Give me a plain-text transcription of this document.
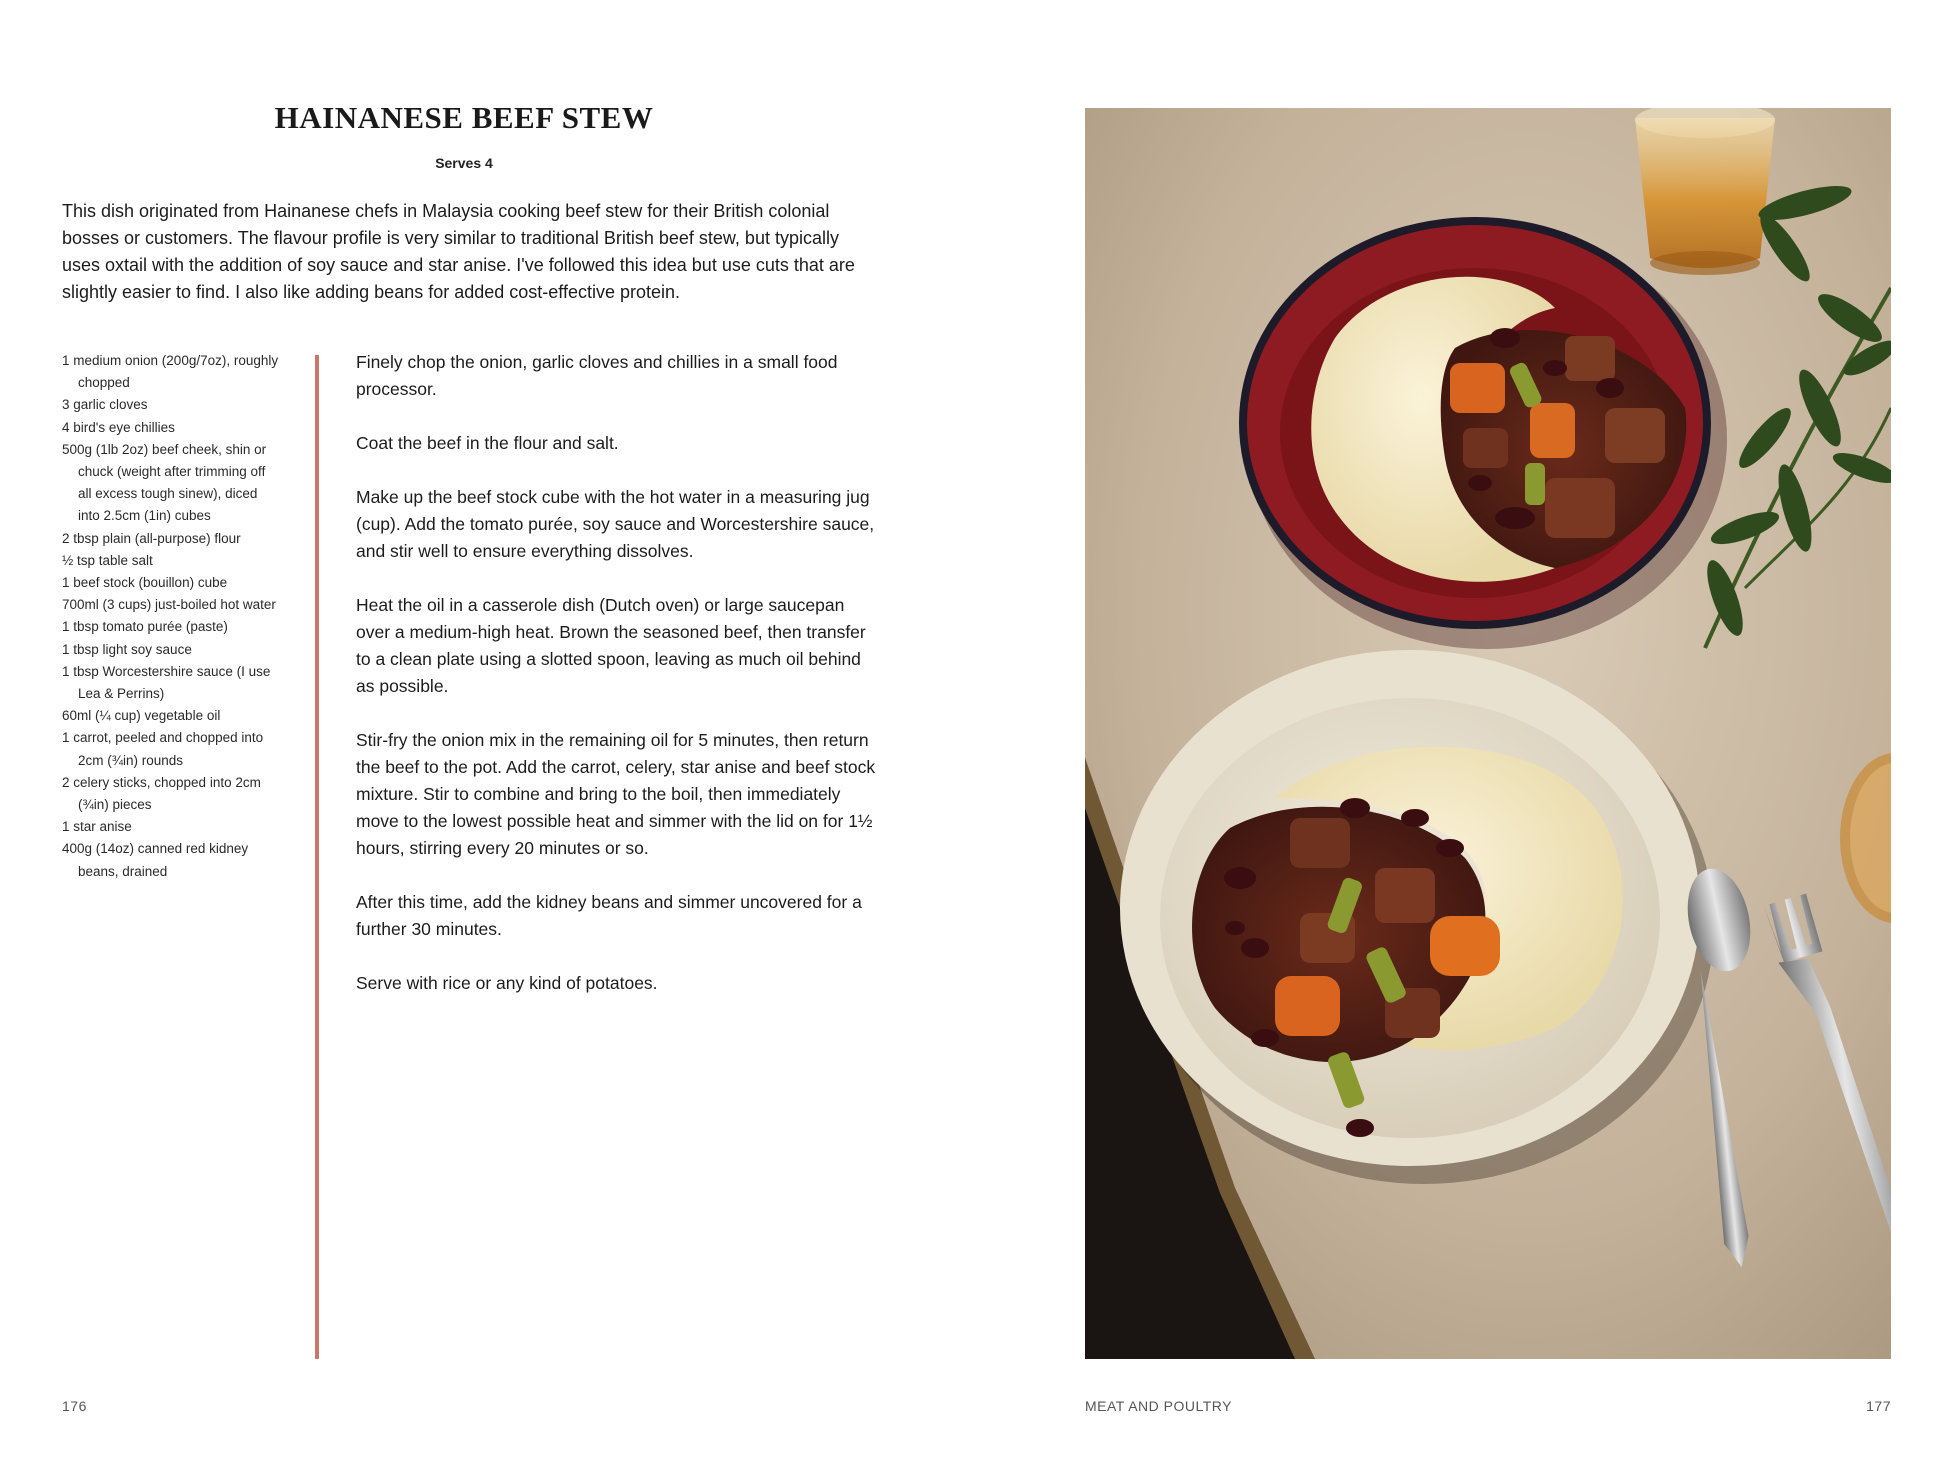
HAINANESE BEEF STEW
Serves 4

This dish originated from Hainanese chefs in Malaysia cooking beef stew for their British colonial bosses or customers. The flavour profile is very similar to traditional British beef stew, but typically uses oxtail with the addition of soy sauce and star anise. I've followed this idea but use cuts that are slightly easier to find. I also like adding beans for added cost-effective protein.

1 medium onion (200g/7oz), roughly chopped
3 garlic cloves
4 bird's eye chillies
500g (1lb 2oz) beef cheek, shin or chuck (weight after trimming off all excess tough sinew), diced into 2.5cm (1in) cubes
2 tbsp plain (all-purpose) flour
½ tsp table salt
1 beef stock (bouillon) cube
700ml (3 cups) just-boiled hot water
1 tbsp tomato purée (paste)
1 tbsp light soy sauce
1 tbsp Worcestershire sauce (I use Lea & Perrins)
60ml (¼ cup) vegetable oil
1 carrot, peeled and chopped into 2cm (¾in) rounds
2 celery sticks, chopped into 2cm (¾in) pieces
1 star anise
400g (14oz) canned red kidney beans, drained

Finely chop the onion, garlic cloves and chillies in a small food processor.

Coat the beef in the flour and salt.

Make up the beef stock cube with the hot water in a measuring jug (cup). Add the tomato purée, soy sauce and Worcestershire sauce, and stir well to ensure everything dissolves.

Heat the oil in a casserole dish (Dutch oven) or large saucepan over a medium-high heat. Brown the seasoned beef, then transfer to a clean plate using a slotted spoon, leaving as much oil behind as possible.

Stir-fry the onion mix in the remaining oil for 5 minutes, then return the beef to the pot. Add the carrot, celery, star anise and beef stock mixture. Stir to combine and bring to the boil, then immediately move to the lowest possible heat and simmer with the lid on for 1½ hours, stirring every 20 minutes or so.

After this time, add the kidney beans and simmer uncovered for a further 30 minutes.

Serve with rice or any kind of potatoes.

176	MEAT AND POULTRY	177
